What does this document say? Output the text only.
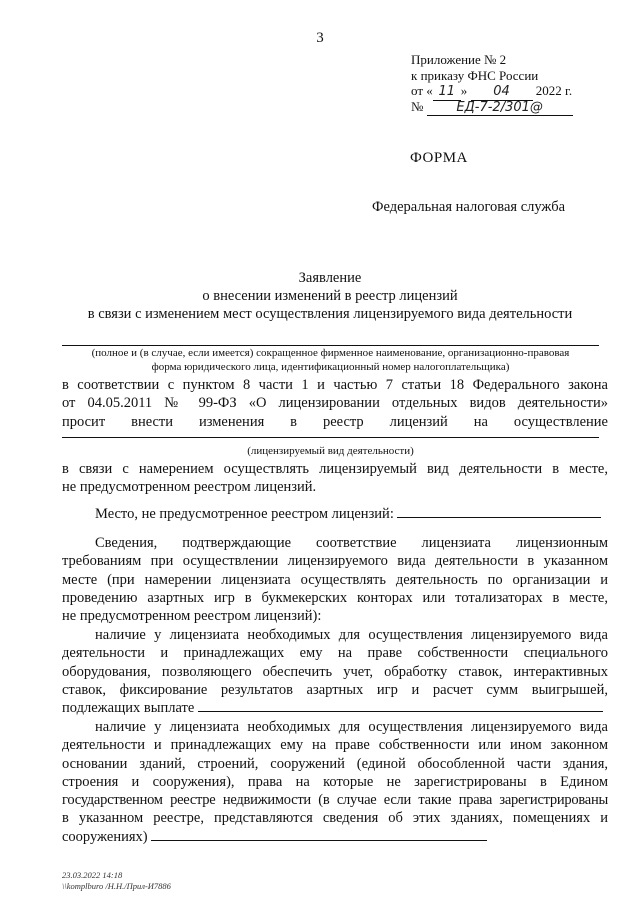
3
Приложение № 2
к приказу ФНС России
от « 11 » 04 2022 г.
№	ЕД-7-2/301@
ФОРМА
Федеральная налоговая служба
Заявление
о внесении изменений в реестр лицензий
в связи с изменением мест осуществления лицензируемого вида деятельности
(полное и (в случае, если имеется) сокращенное фирменное наименование, организационно-правовая
форма юридического лица, идентификационный номер налогоплательщика)
в соответствии с пунктом 8 части 1 и частью 7 статьи 18 Федерального закона
от 04.05.2011 № 99-ФЗ «О лицензировании отдельных видов деятельности»
просит внести изменения в реестр лицензий на осуществление
(лицензируемый вид деятельности)
в связи с намерением осуществлять лицензируемый вид деятельности в месте,
не предусмотренном реестром лицензий.
Место, не предусмотренное реестром лицензий:
Сведения, подтверждающие соответствие лицензиата лицензионным
требованиям при осуществлении лицензируемого вида деятельности в указанном
месте (при намерении лицензиата осуществлять деятельность по организации и
проведению азартных игр в букмекерских конторах или тотализаторах в месте,
не предусмотренном реестром лицензий):
наличие у лицензиата необходимых для осуществления лицензируемого вида
деятельности и принадлежащих ему на праве собственности специального
оборудования, позволяющего обеспечить учет, обработку ставок, интерактивных
ставок, фиксирование результатов азартных игр и расчет сумм выигрышей,
подлежащих выплате
наличие у лицензиата необходимых для осуществления лицензируемого вида
деятельности и принадлежащих ему на праве собственности или ином законном
основании зданий, строений, сооружений (единой обособленной части здания,
строения и сооружения), права на которые не зарегистрированы в Едином
государственном реестре недвижимости (в случае если такие права зарегистрированы
в указанном реестре, представляются сведения об этих зданиях, помещениях и
сооружениях)
23.03.2022 14:18
\\komplburo /Н.Н./Прил-И7886
